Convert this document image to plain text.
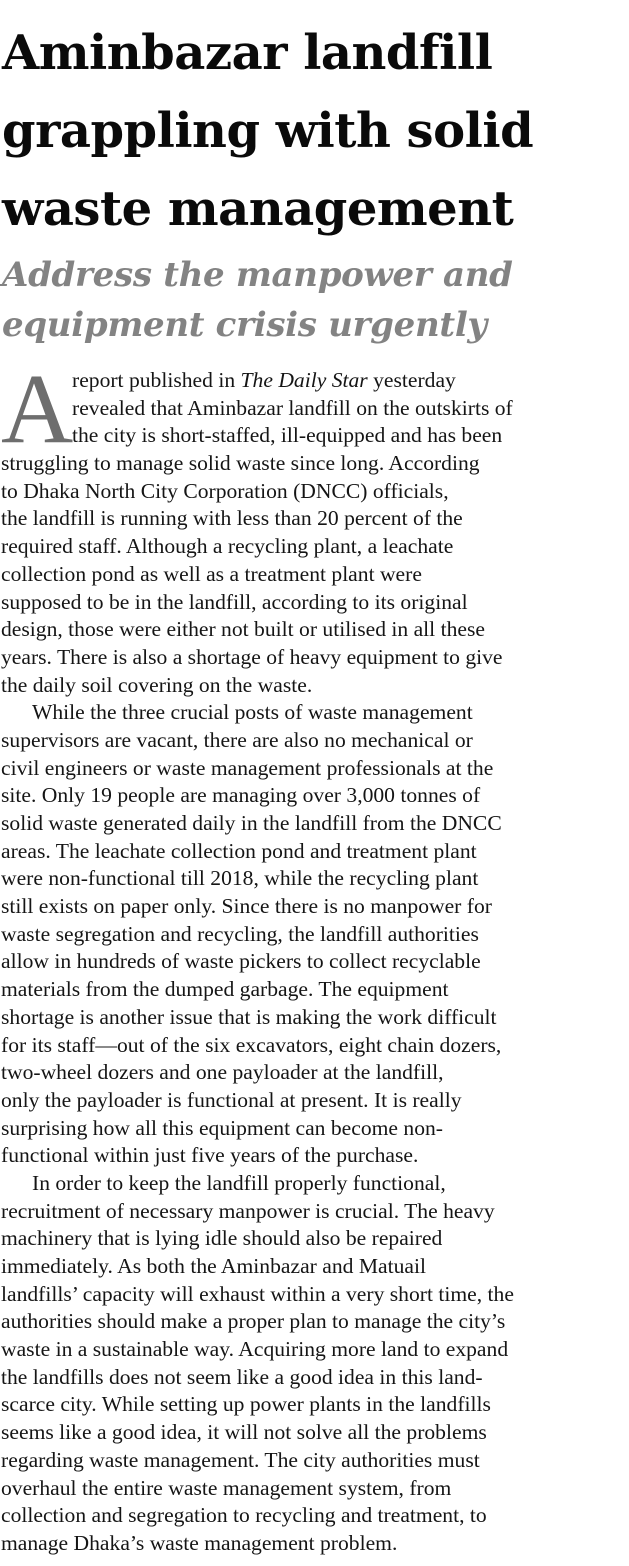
Aminbazar landfill
grappling with solid
waste management
Address the manpower and
equipment crisis urgently
A
report published in The Daily Star yesterday
revealed that Aminbazar landfill on the outskirts of
the city is short-staffed, ill-equipped and has been
struggling to manage solid waste since long. According
to Dhaka North City Corporation (DNCC) officials,
the landfill is running with less than 20 percent of the
required staff. Although a recycling plant, a leachate
collection pond as well as a treatment plant were
supposed to be in the landfill, according to its original
design, those were either not built or utilised in all these
years. There is also a shortage of heavy equipment to give
the daily soil covering on the waste.
While the three crucial posts of waste management
supervisors are vacant, there are also no mechanical or
civil engineers or waste management professionals at the
site. Only 19 people are managing over 3,000 tonnes of
solid waste generated daily in the landfill from the DNCC
areas. The leachate collection pond and treatment plant
were non-functional till 2018, while the recycling plant
still exists on paper only. Since there is no manpower for
waste segregation and recycling, the landfill authorities
allow in hundreds of waste pickers to collect recyclable
materials from the dumped garbage. The equipment
shortage is another issue that is making the work difficult
for its staff—out of the six excavators, eight chain dozers,
two-wheel dozers and one payloader at the landfill,
only the payloader is functional at present. It is really
surprising how all this equipment can become non-
functional within just five years of the purchase.
In order to keep the landfill properly functional,
recruitment of necessary manpower is crucial. The heavy
machinery that is lying idle should also be repaired
immediately. As both the Aminbazar and Matuail
landfills’ capacity will exhaust within a very short time, the
authorities should make a proper plan to manage the city’s
waste in a sustainable way. Acquiring more land to expand
the landfills does not seem like a good idea in this land-
scarce city. While setting up power plants in the landfills
seems like a good idea, it will not solve all the problems
regarding waste management. The city authorities must
overhaul the entire waste management system, from
collection and segregation to recycling and treatment, to
manage Dhaka’s waste management problem.
